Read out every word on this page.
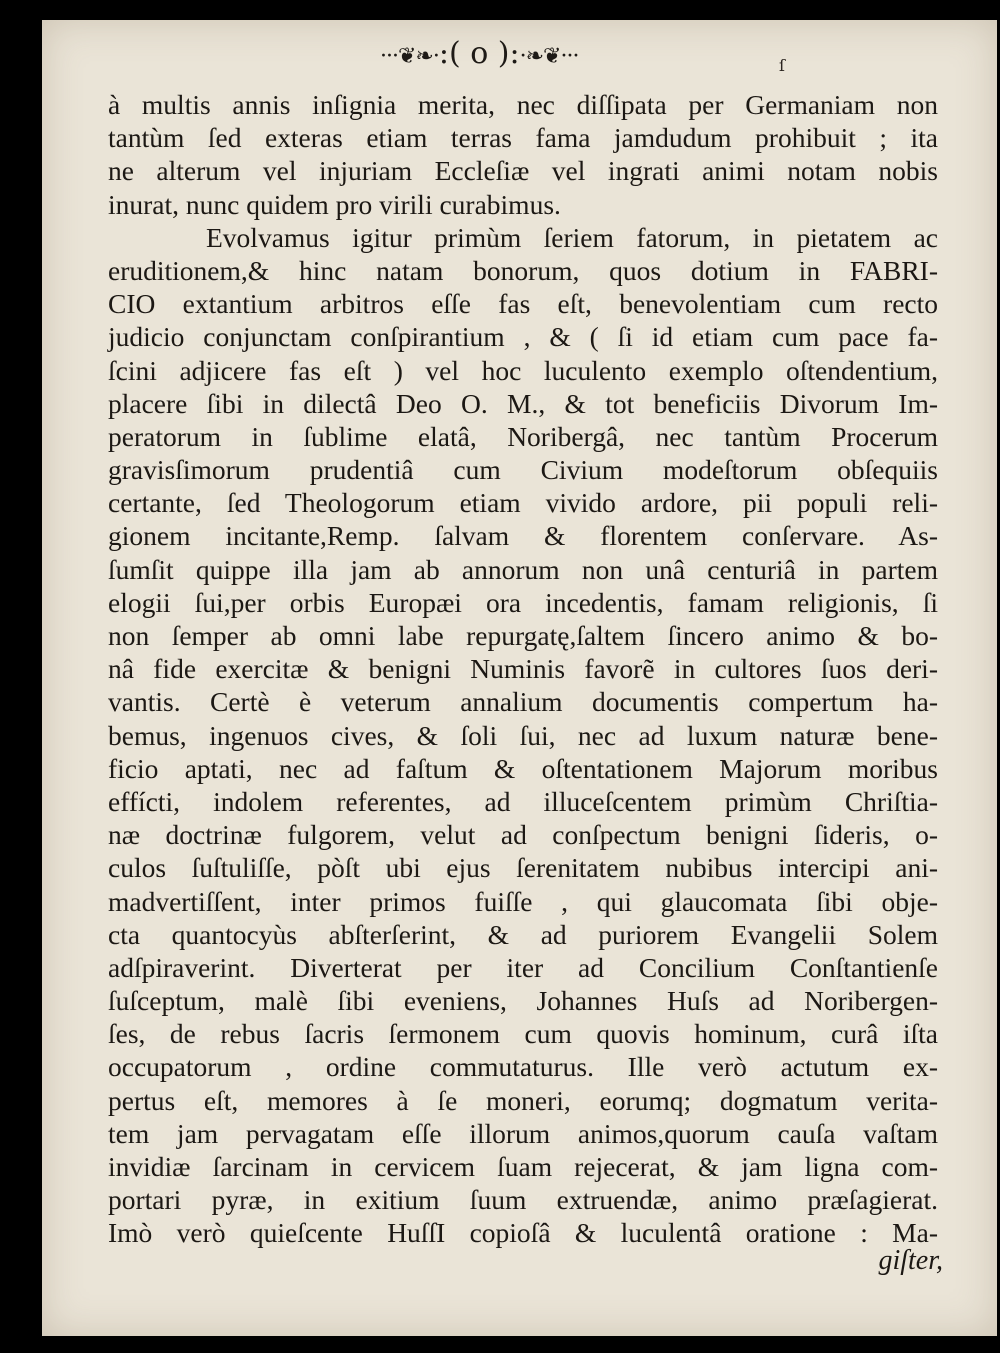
···❦❧·:( o ):·❧❦···	ſ
à multis annis inſignia merita, nec diſſipata per Germaniam non
tantùm ſed exteras etiam terras fama jamdudum prohibuit ; ita
ne alterum vel injuriam Eccleſiæ vel ingrati animi notam nobis
inurat, nunc quidem pro virili curabimus.
Evolvamus igitur primùm ſeriem fatorum, in pietatem ac
eruditionem,& hinc natam bonorum, quos dotium in FABRI-
CIO extantium arbitros eſſe fas eſt, benevolentiam cum recto
judicio conjunctam conſpirantium , & ( ſi id etiam cum pace fa-
ſcini adjicere fas eſt ) vel hoc luculento exemplo oſtendentium,
placere ſibi in dilectâ Deo O. M., & tot beneficiis Divorum Im-
peratorum in ſublime elatâ, Noribergâ, nec tantùm Procerum
gravisſimorum prudentiâ cum Civium modeſtorum obſequiis
certante, ſed Theologorum etiam vivido ardore, pii populi reli-
gionem incitante,Remp. ſalvam & florentem conſervare. As-
ſumſit quippe illa jam ab annorum non unâ centuriâ in partem
elogii ſui,per orbis Europæi ora incedentis, famam religionis, ſi
non ſemper ab omni labe repurgatę,ſaltem ſincero animo & bo-
nâ fide exercitæ & benigni Numinis favorẽ in cultores ſuos deri-
vantis. Certè è veterum annalium documentis compertum ha-
bemus, ingenuos cives, & ſoli ſui, nec ad luxum naturæ bene-
ficio aptati, nec ad faſtum & oſtentationem Majorum moribus
effícti, indolem referentes, ad illuceſcentem primùm Chriſtia-
næ doctrinæ fulgorem, velut ad conſpectum benigni ſideris, o-
culos ſuſtuliſſe, pòſt ubi ejus ſerenitatem nubibus intercipi ani-
madvertiſſent, inter primos fuiſſe , qui glaucomata ſibi obje-
cta quantocyùs abſterſerint, & ad puriorem Evangelii Solem
adſpiraverint. Diverterat per iter ad Concilium Conſtantienſe
ſuſceptum, malè ſibi eveniens, Johannes Huſs ad Noribergen-
ſes, de rebus ſacris ſermonem cum quovis hominum, curâ iſta
occupatorum , ordine commutaturus. Ille verò actutum ex-
pertus eſt, memores à ſe moneri, eorumq; dogmatum verita-
tem jam pervagatam eſſe illorum animos,quorum cauſa vaſtam
invidiæ ſarcinam in cervicem ſuam rejecerat, & jam ligna com-
portari pyræ, in exitium ſuum extruendæ, animo præſagierat.
Imò verò quieſcente HuſſI copioſâ & luculentâ oratione : Ma-
giſter,
